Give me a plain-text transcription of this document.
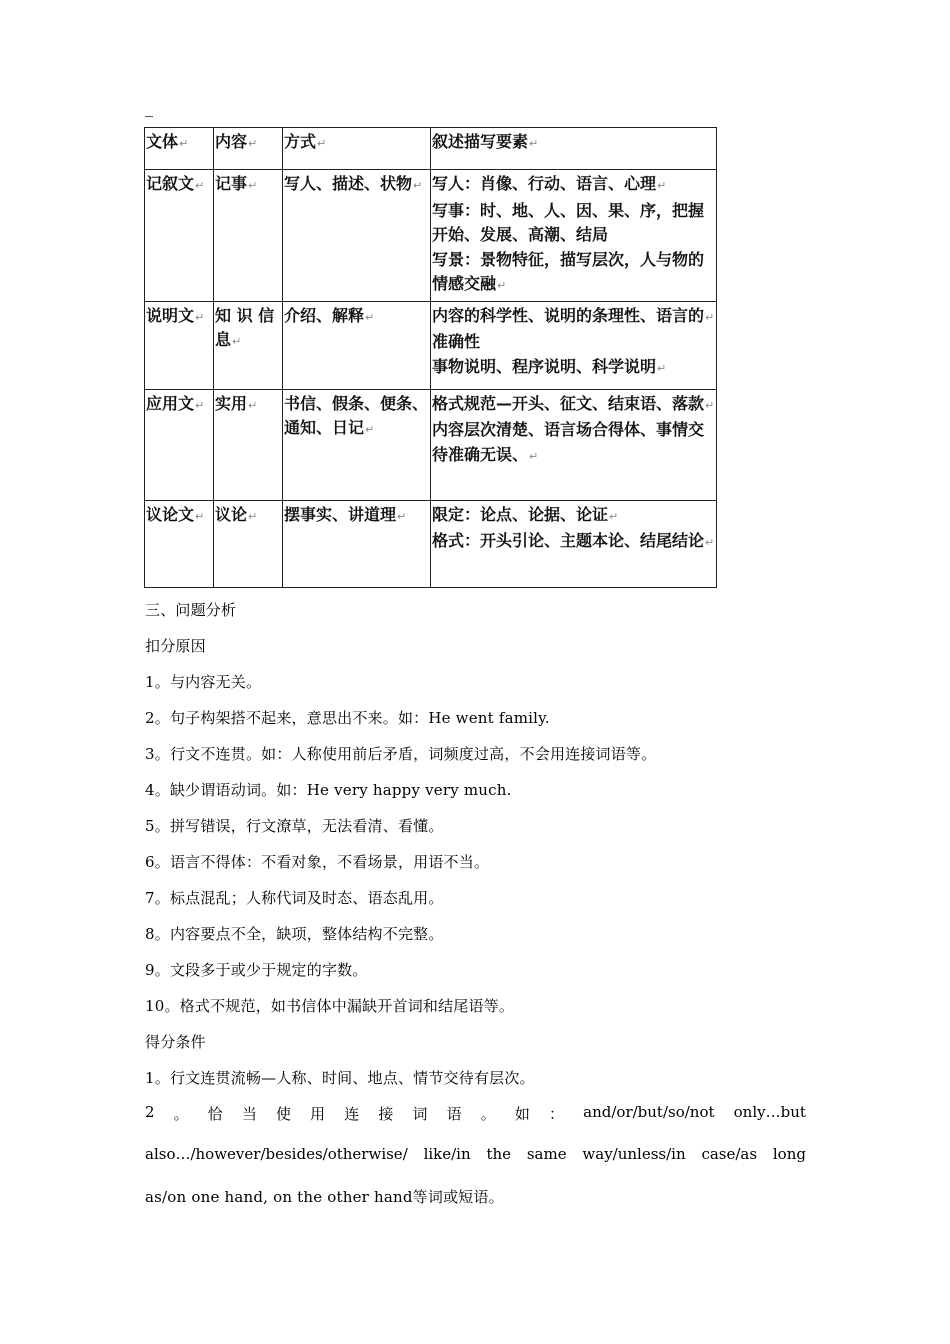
文体↵	内容↵	方式↵	叙述描写要素↵

记叙文↵	记事↵	写人、描述、状物↵	写人：肖像、行动、语言、心理↵
写事：时、地、人、因、果、序，把握
开始、发展、高潮、结局
写景：景物特征，描写层次，人与物的
情感交融↵

说明文↵	知 识 信
息↵	介绍、解释↵	内容的科学性、说明的条理性、语言的↵
准确性
事物说明、程序说明、科学说明↵

应用文↵	实用↵	书信、假条、便条、
通知、日记↵	格式规范—开头、征文、结束语、落款↵
内容层次清楚、语言场合得体、事情交
待准确无误、↵

议论文↵	议论↵	摆事实、讲道理↵	限定：论点、论据、论证↵
格式：开头引论、主题本论、结尾结论↵
三、问题分析
扣分原因
1。与内容无关。
2。句子构架搭不起来，意思出不来。如：He went family.
3。行文不连贯。如：人称使用前后矛盾，词频度过高，不会用连接词语等。
4。缺少谓语动词。如：He very happy very much.
5。拼写错误，行文潦草，无法看清、看懂。
6。语言不得体：不看对象，不看场景，用语不当。
7。标点混乱；人称代词及时态、语态乱用。
8。内容要点不全，缺项，整体结构不完整。
9。文段多于或少于规定的字数。
10。格式不规范，如书信体中漏缺开首词和结尾语等。
得分条件
1。行文连贯流畅—人称、时间、地点、情节交待有层次。
2 。 恰 当 使 用 连 接 词 语 。 如 ： and/or/but/so/not only…but
also…/however/besides/otherwise/ like/in the same way/unless/in case/as long
as/on one hand, on the other hand等词或短语。
